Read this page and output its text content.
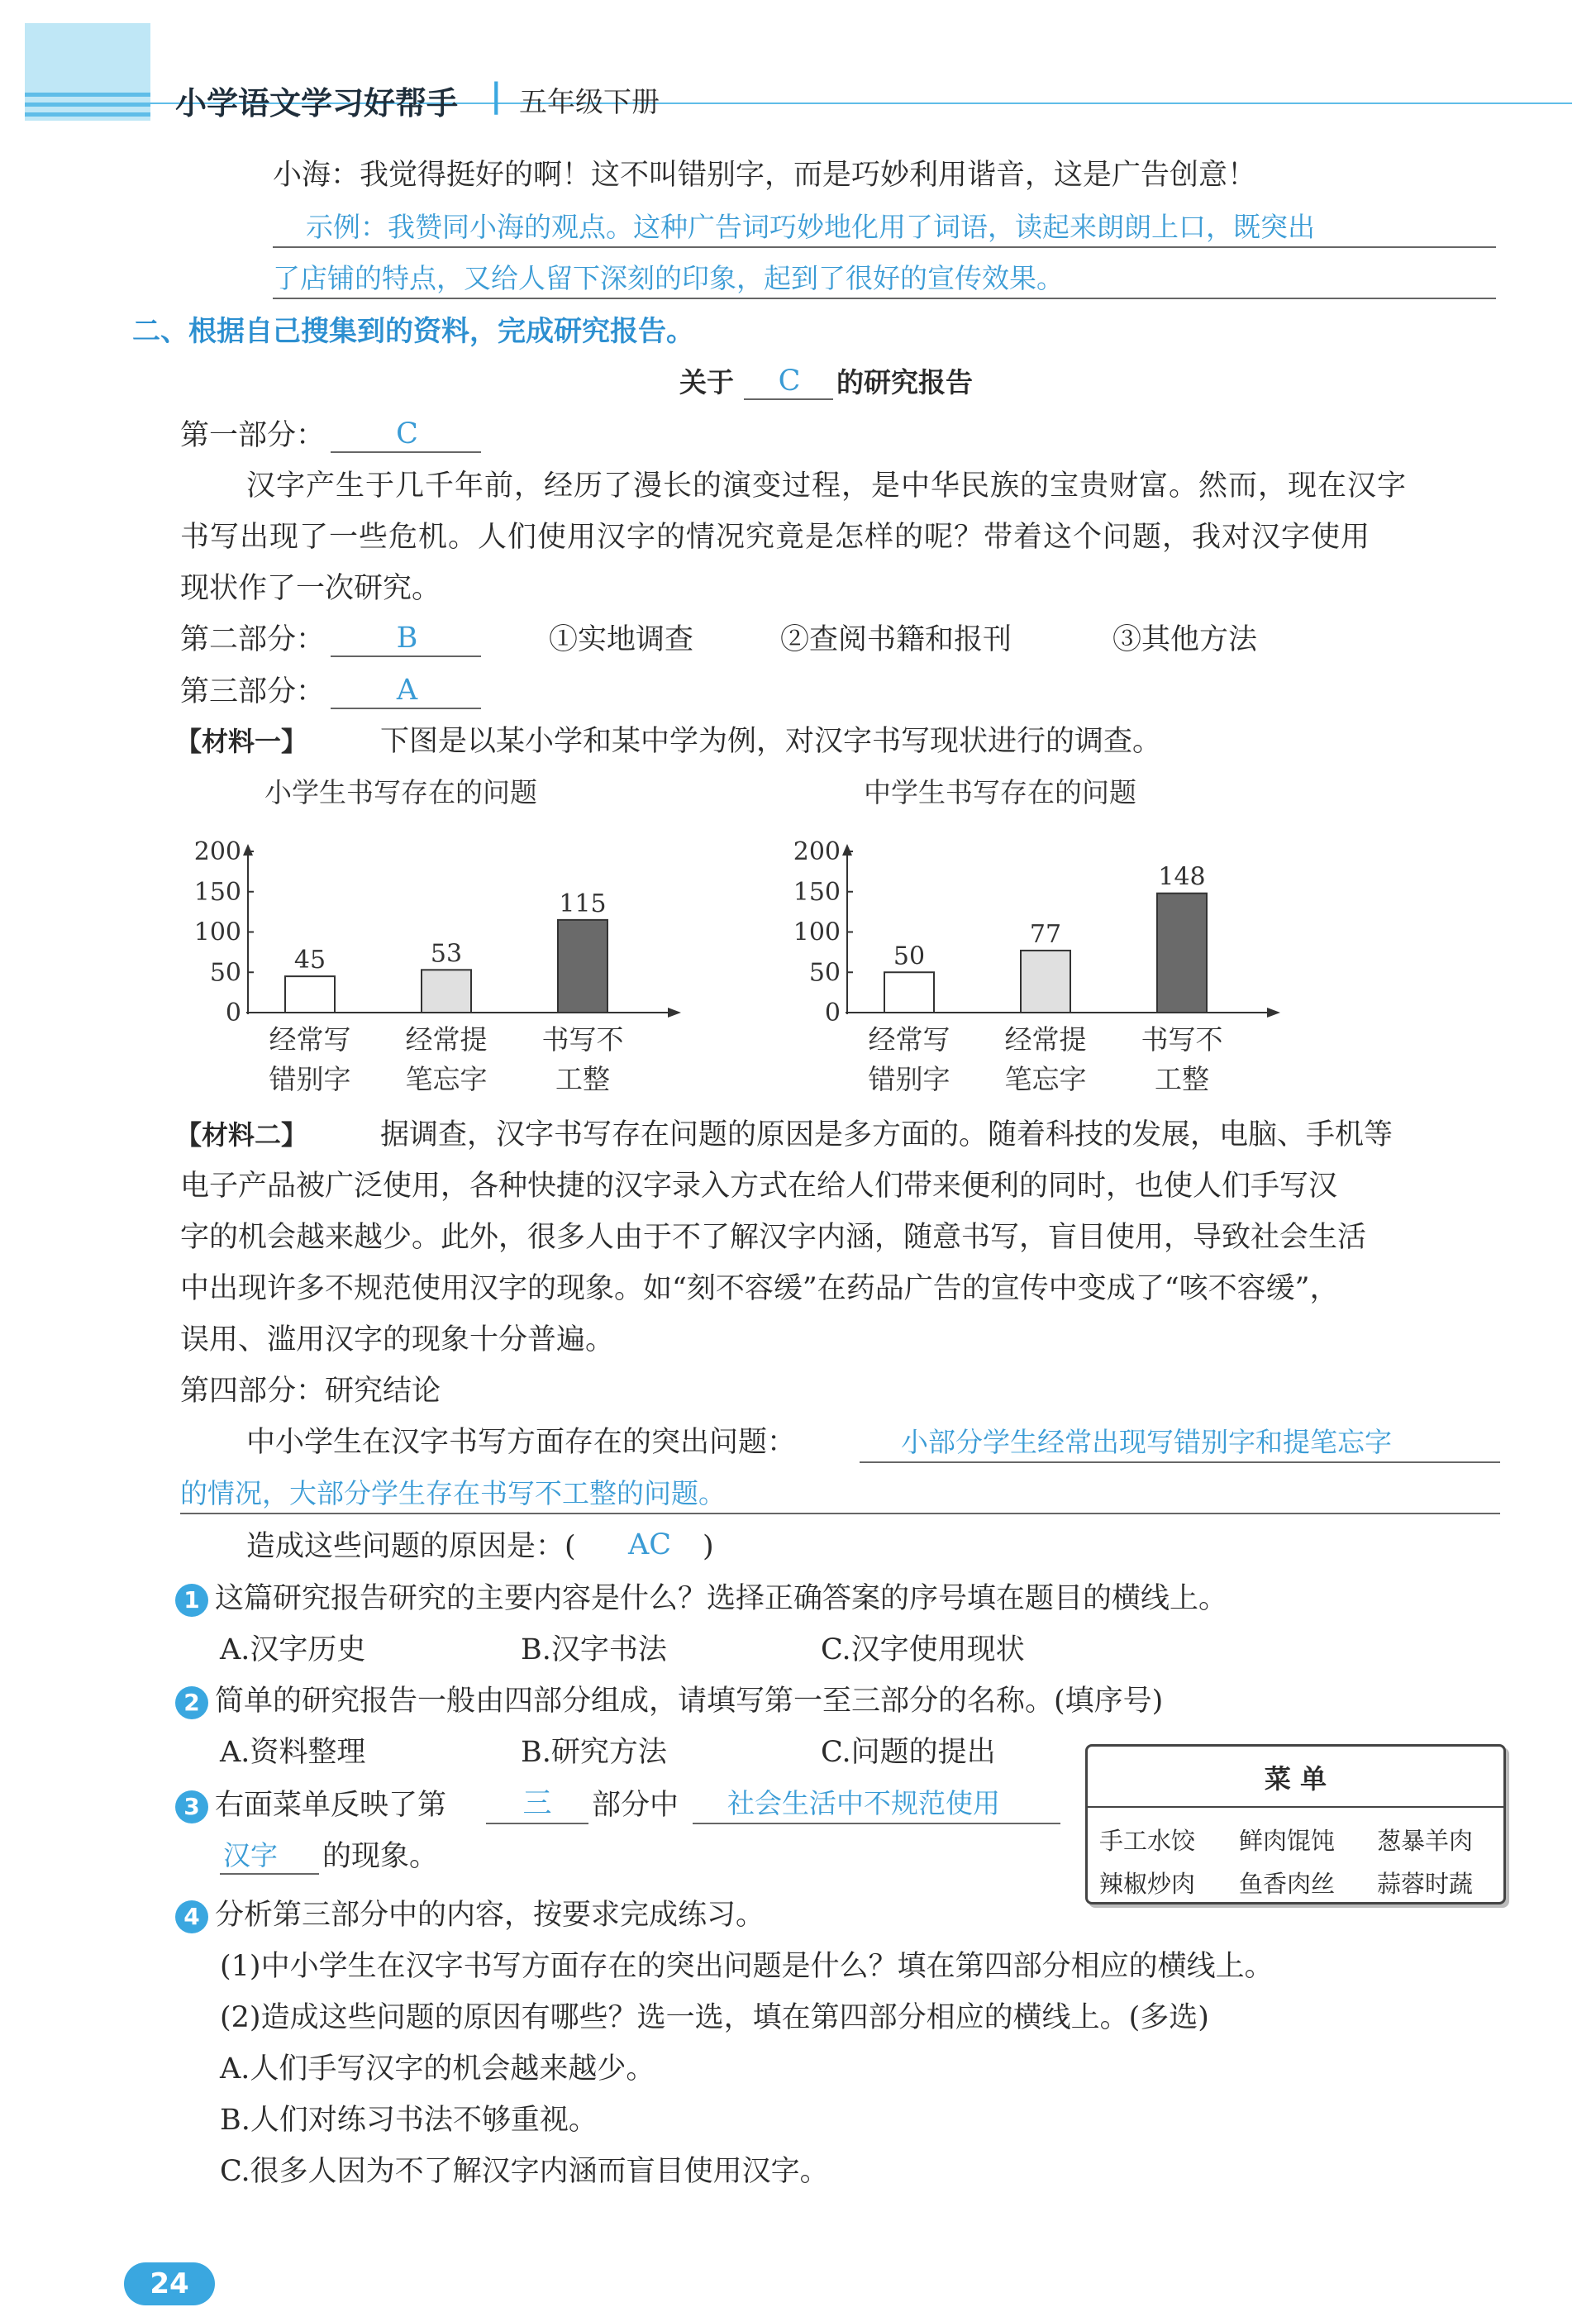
小学语文学习好帮手 | 五年级下册
小海：我觉得挺好的啊！这不叫错别字，而是巧妙利用谐音，这是广告创意！
示例：我赞同小海的观点。这种广告词巧妙地化用了词语，读起来朗朗上口，既突出
了店铺的特点，又给人留下深刻的印象，起到了很好的宣传效果。
二、根据自己搜集到的资料，完成研究报告。
关于	C	的研究报告
第一部分：	C
汉字产生于几千年前，经历了漫长的演变过程，是中华民族的宝贵财富。然而，现在汉字
书写出现了一些危机。人们使用汉字的情况究竟是怎样的呢？带着这个问题，我对汉字使用
现状作了一次研究。
第二部分：	B	①实地调查	②查阅书籍和报刊	③其他方法
第三部分：	A
【材料一】	下图是以某小学和某中学为例，对汉字书写现状进行的调查。
小学生书写存在的问题
0
50
100
150
200
45
经常写
错别字
53
经常提
笔忘字
115
书写不
工整
中学生书写存在的问题
0
50
100
150
200
50
经常写
错别字
77
经常提
笔忘字
148
书写不
工整
【材料二】	据调查，汉字书写存在问题的原因是多方面的。随着科技的发展，电脑、手机等
电子产品被广泛使用，各种快捷的汉字录入方式在给人们带来便利的同时，也使人们手写汉
字的机会越来越少。此外，很多人由于不了解汉字内涵，随意书写，盲目使用，导致社会生活
中出现许多不规范使用汉字的现象。如“刻不容缓”在药品广告的宣传中变成了“咳不容缓”，
误用、滥用汉字的现象十分普遍。
第四部分：研究结论
中小学生在汉字书写方面存在的突出问题：	小部分学生经常出现写错别字和提笔忘字
的情况，大部分学生存在书写不工整的问题。
造成这些问题的原因是：( AC )
1 这篇研究报告研究的主要内容是什么？选择正确答案的序号填在题目的横线上。
A.汉字历史	B.汉字书法	C.汉字使用现状
2 简单的研究报告一般由四部分组成，请填写第一至三部分的名称。(填序号)
A.资料整理	B.研究方法	C.问题的提出
3 右面菜单反映了第	三	部分中 社会生活中不规范使用
汉字 的现象。
菜 单
手工水饺 鲜肉馄饨 葱暴羊肉
辣椒炒肉 鱼香肉丝 蒜蓉时蔬
4 分析第三部分中的内容，按要求完成练习。
(1)中小学生在汉字书写方面存在的突出问题是什么？填在第四部分相应的横线上。
(2)造成这些问题的原因有哪些？选一选，填在第四部分相应的横线上。(多选)
A.人们手写汉字的机会越来越少。
B.人们对练习书法不够重视。
C.很多人因为不了解汉字内涵而盲目使用汉字。
24
